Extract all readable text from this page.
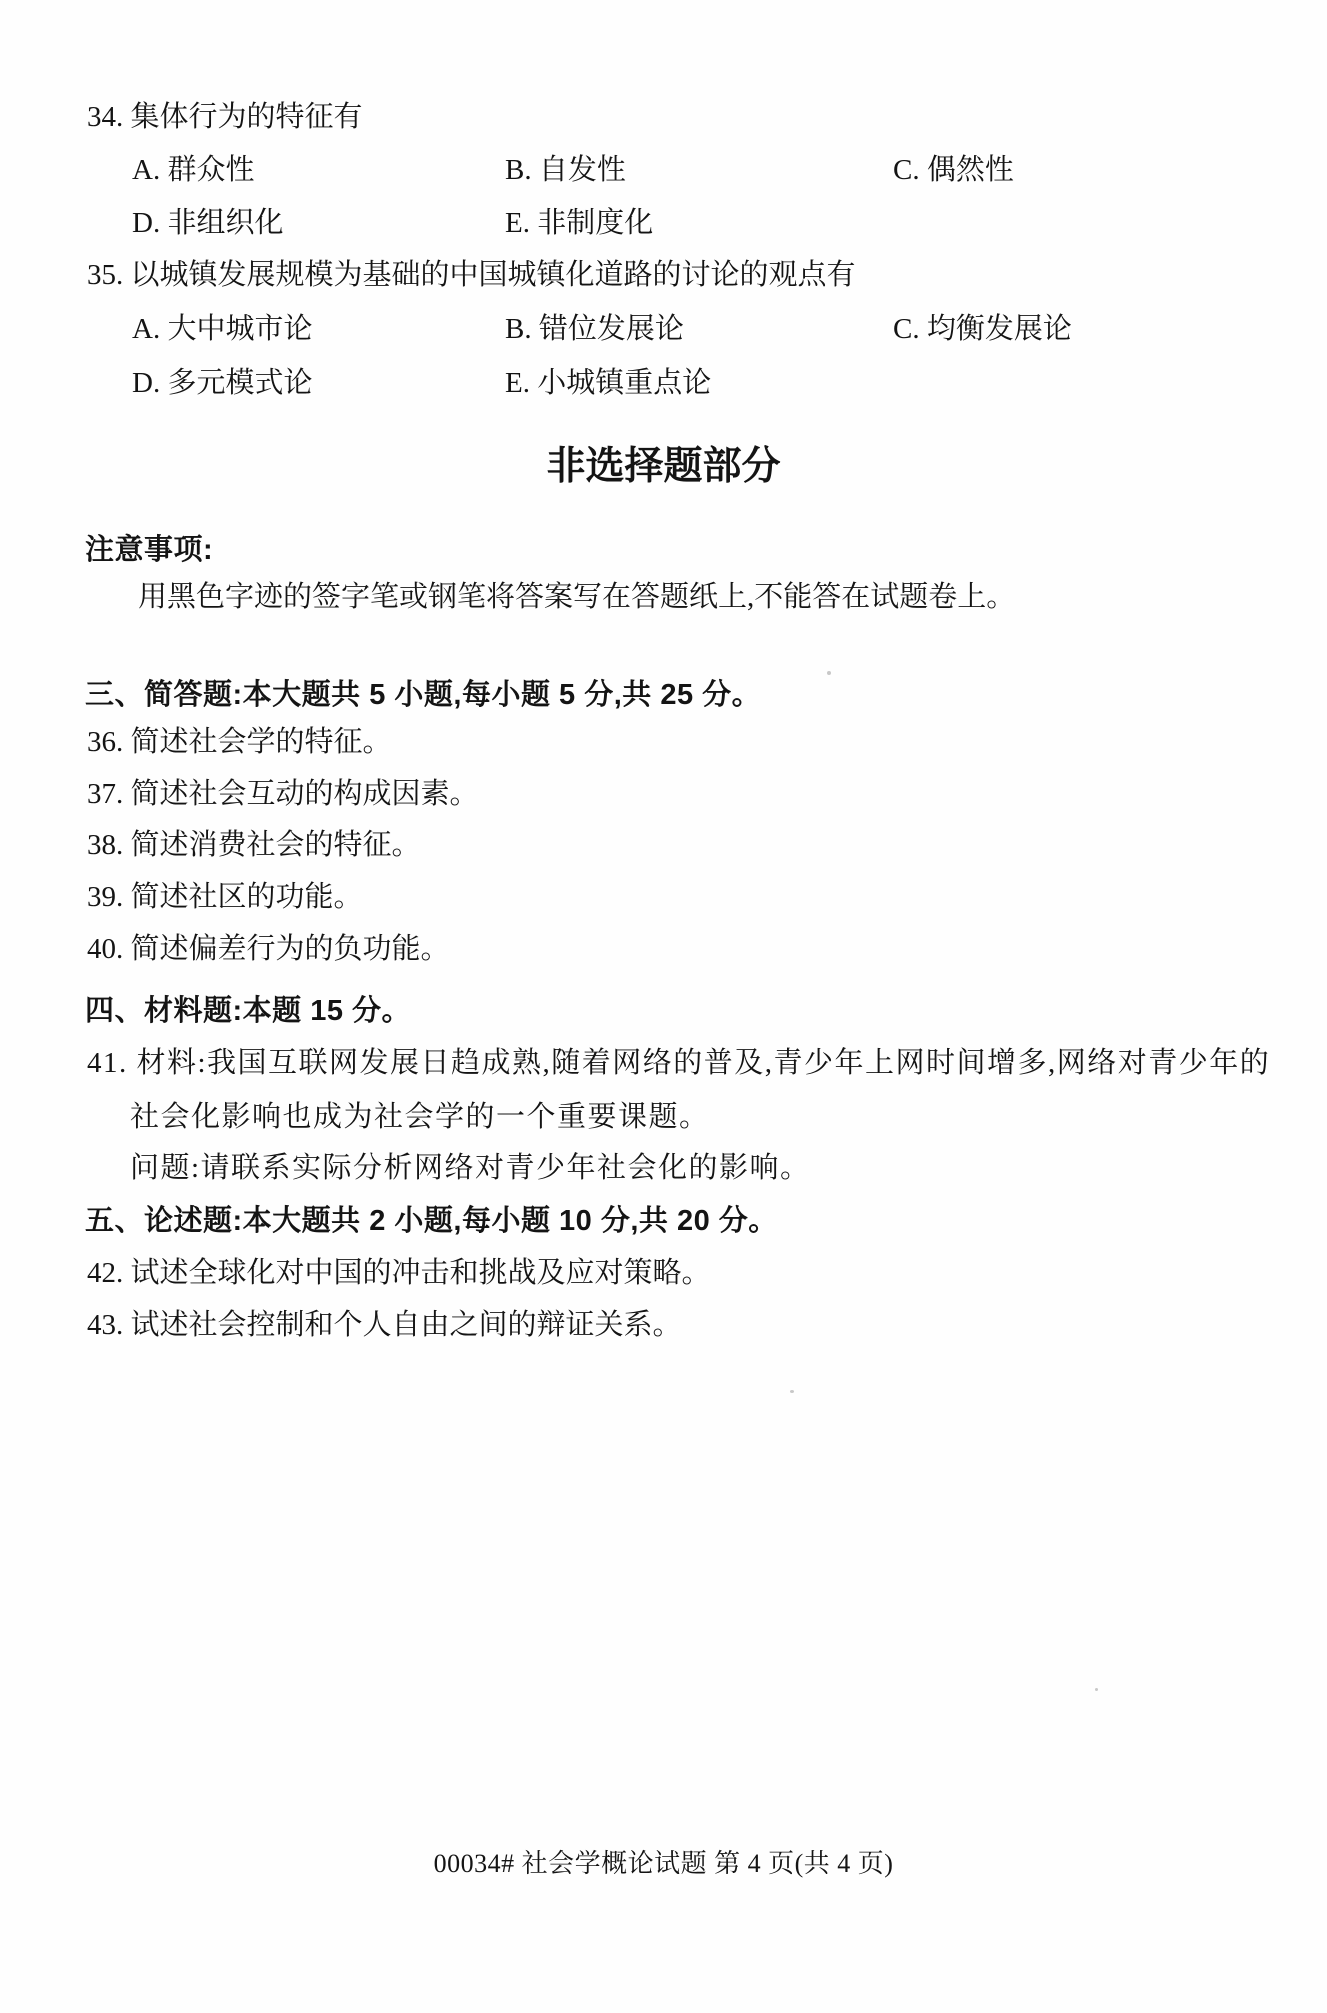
34. 集体行为的特征有
A. 群众性	B. 自发性	C. 偶然性
D. 非组织化	E. 非制度化
35. 以城镇发展规模为基础的中国城镇化道路的讨论的观点有
A. 大中城市论	B. 错位发展论	C. 均衡发展论
D. 多元模式论	E. 小城镇重点论
非选择题部分
注意事项:
用黑色字迹的签字笔或钢笔将答案写在答题纸上,不能答在试题卷上。
三、简答题:本大题共 5 小题,每小题 5 分,共 25 分。
36. 简述社会学的特征。
37. 简述社会互动的构成因素。
38. 简述消费社会的特征。
39. 简述社区的功能。
40. 简述偏差行为的负功能。
四、材料题:本题 15 分。
41. 材料:我国互联网发展日趋成熟,随着网络的普及,青少年上网时间增多,网络对青少年的
社会化影响也成为社会学的一个重要课题。
问题:请联系实际分析网络对青少年社会化的影响。
五、论述题:本大题共 2 小题,每小题 10 分,共 20 分。
42. 试述全球化对中国的冲击和挑战及应对策略。
43. 试述社会控制和个人自由之间的辩证关系。
00034# 社会学概论试题 第 4 页(共 4 页)
